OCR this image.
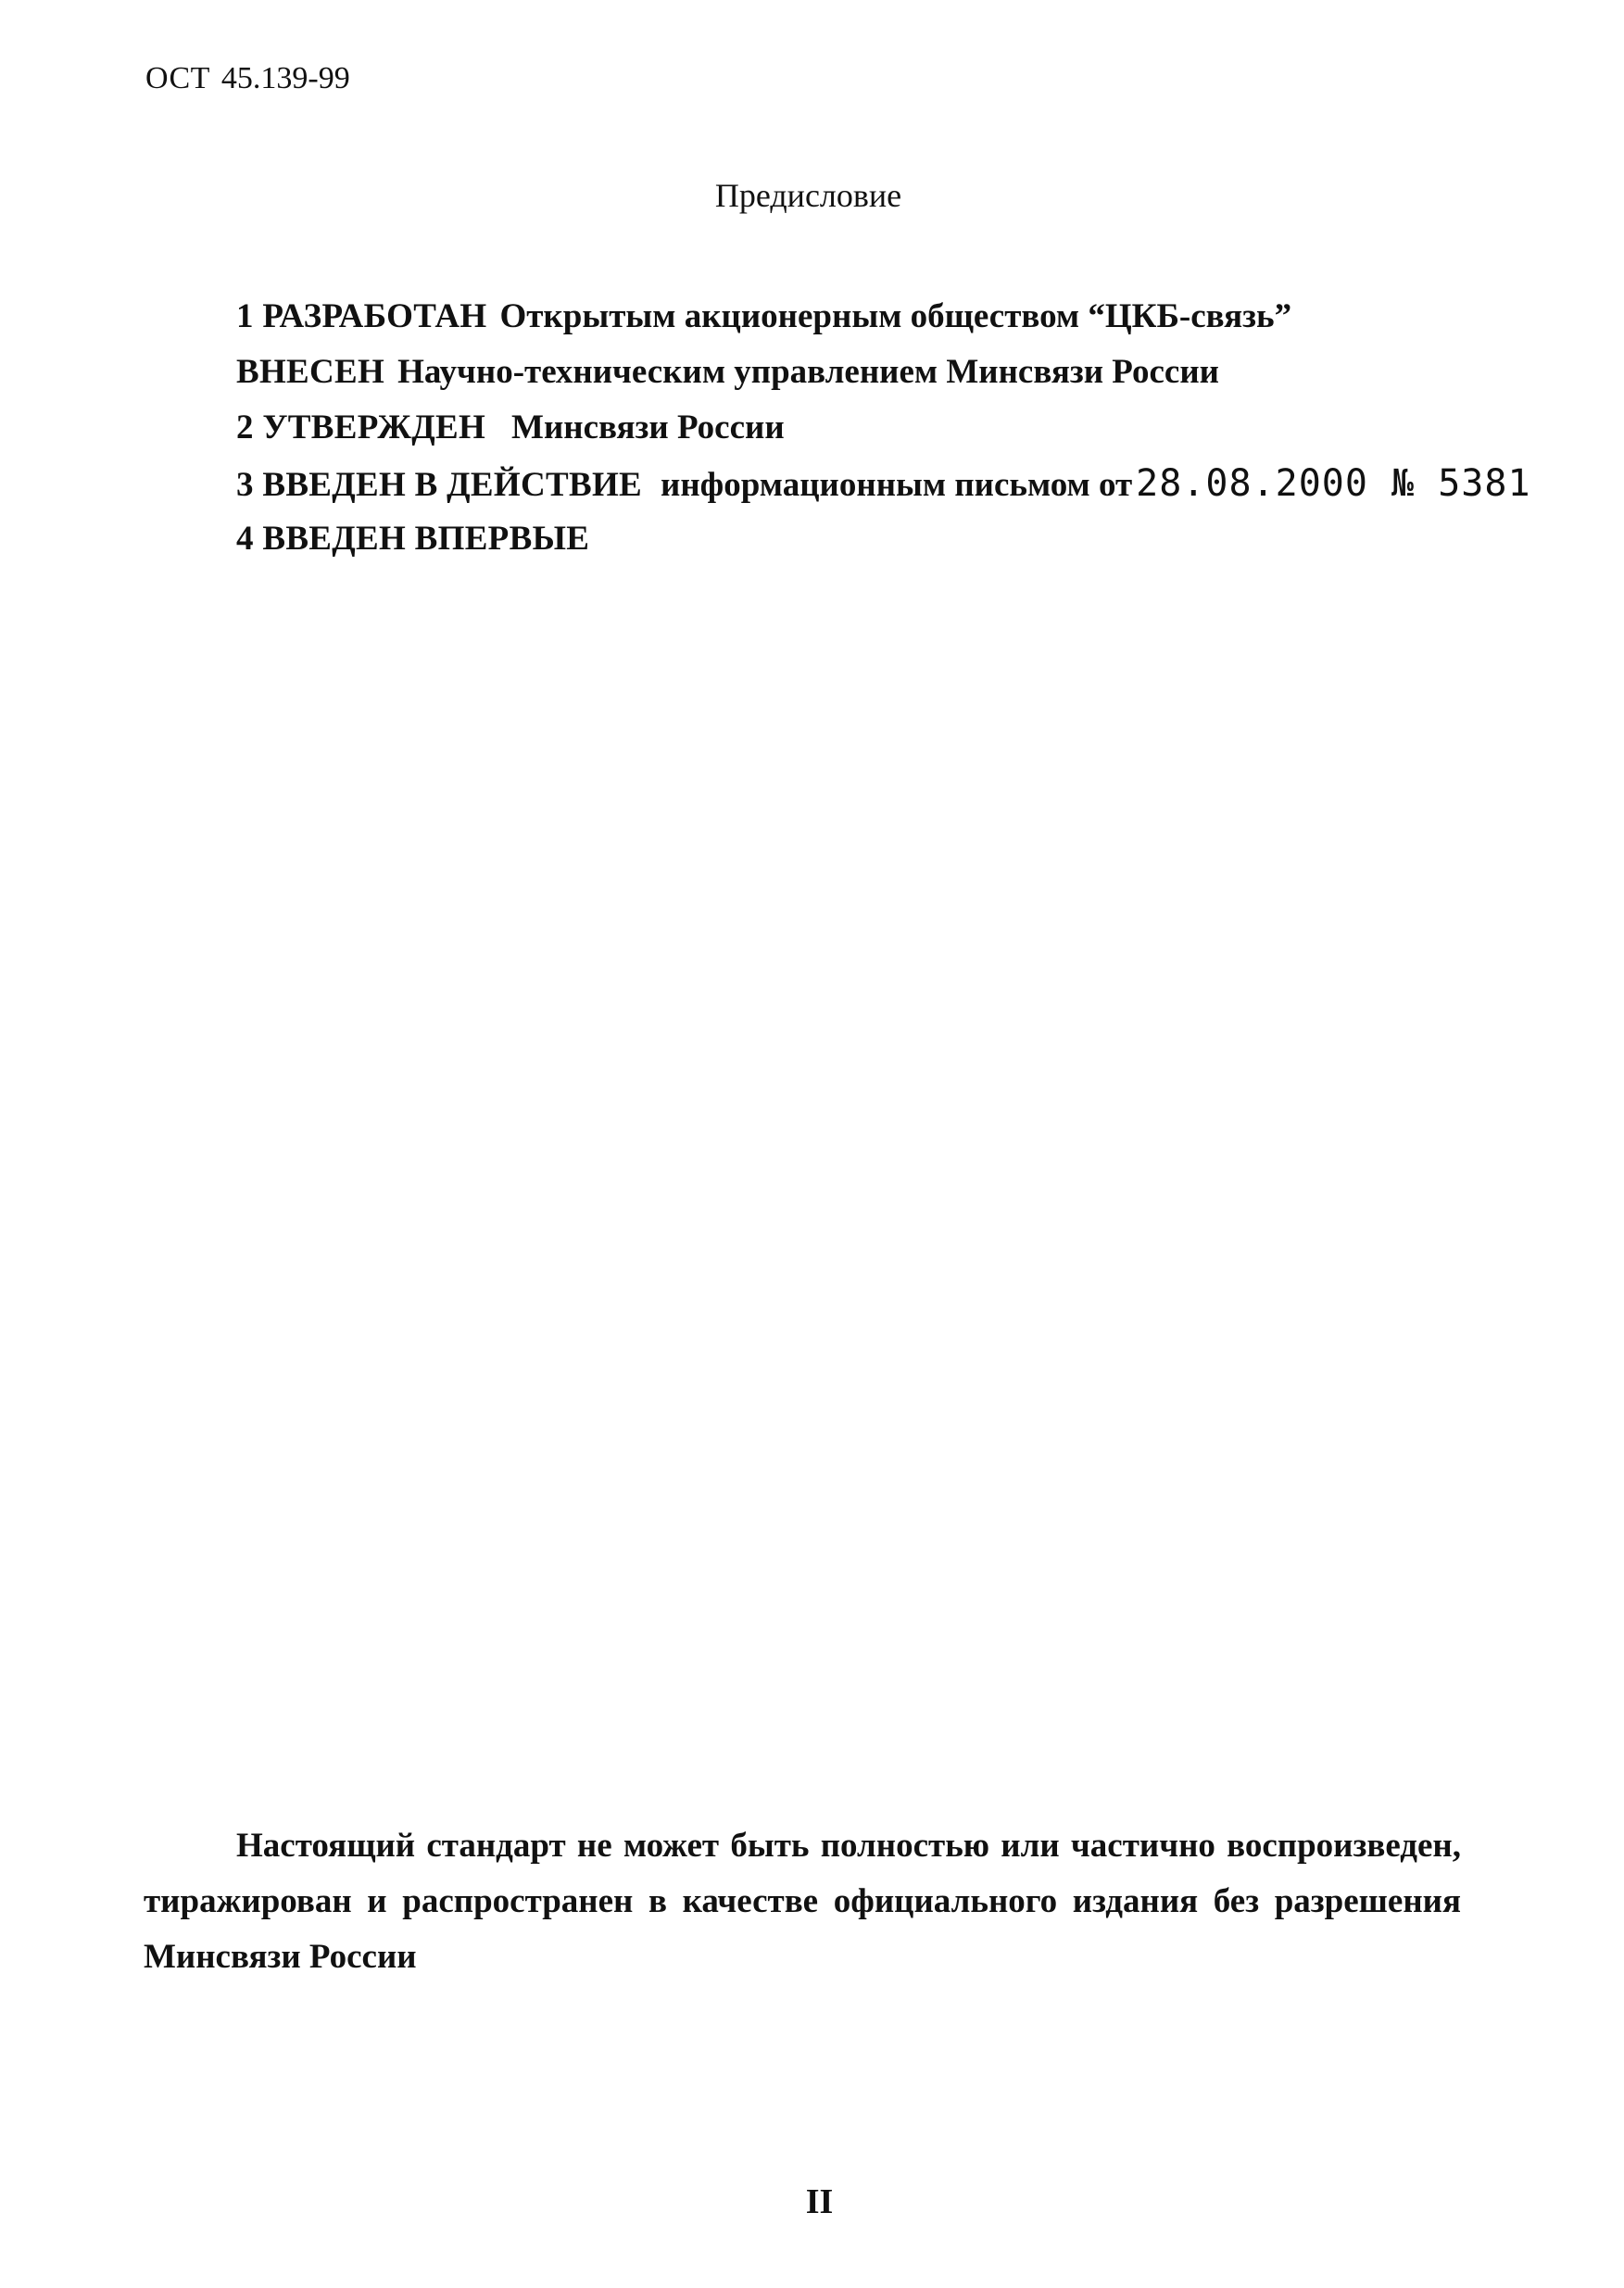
ОСТ 45.139-99
Предисловие
1 РАЗРАБОТАН Открытым акционерным обществом “ЦКБ-связь”
ВНЕСЕН Научно-техническим управлением Минсвязи России
2 УТВЕРЖДЕН Минсвязи России
3 ВВЕДЕН В ДЕЙСТВИЕ информационным письмом от 28.08.2000 № 5381
4 ВВЕДЕН ВПЕРВЫЕ
Настоящий стандарт не может быть полностью или частично воспроизведен, тиражирован и распространен в качестве официального издания без разрешения Минсвязи России
II
